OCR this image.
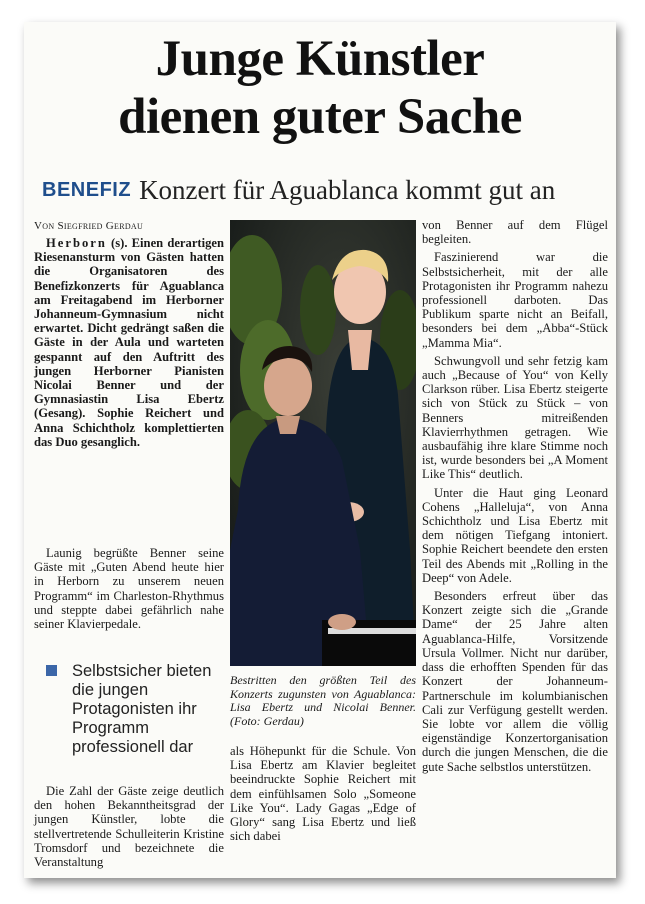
Junge Künstler
dienen guter Sache
BENEFIZ Konzert für Aguablanca kommt gut an
Von Siegfried Gerdau

Herborn (s). Einen derartigen Riesenansturm von Gästen hatten die Organisatoren des Benefizkonzerts für Aguablanca am Freitagabend im Herborner Johanneum-Gymnasium nicht erwartet. Dicht gedrängt saßen die Gäste in der Aula und warteten gespannt auf den Auftritt des jungen Herborner Pianisten Nicolai Benner und der Gymnasiastin Lisa Ebertz (Gesang). Sophie Reichert und Anna Schichtholz komplettierten das Duo gesanglich.

Launig begrüßte Benner seine Gäste mit „Guten Abend heute hier in Herborn zu unserem neuen Programm“ im Charleston-Rhythmus und steppte dabei gefährlich nahe seiner Klavierpedale.

Selbstsicher bieten die jungen Protagonisten ihr Programm professionell dar

Die Zahl der Gäste zeige deutlich den hohen Bekanntheitsgrad der jungen Künstler, lobte die stellvertretende Schulleiterin Kristine Tromsdorf und bezeichnete die Veranstaltung

Bestritten den größten Teil des Konzerts zugunsten von Aguablanca: Lisa Ebertz und Nicolai Benner. (Foto: Gerdau)

als Höhepunkt für die Schule. Von Lisa Ebertz am Klavier begleitet beeindruckte Sophie Reichert mit dem einfühlsamen Solo „Someone Like You“. Lady Gagas „Edge of Glory“ sang Lisa Ebertz und ließ sich dabei

von Benner auf dem Flügel begleiten.

Faszinierend war die Selbstsicherheit, mit der alle Protagonisten ihr Programm nahezu professionell darboten. Das Publikum sparte nicht an Beifall, besonders bei dem „Abba“-Stück „Mamma Mia“.

Schwungvoll und sehr fetzig kam auch „Because of You“ von Kelly Clarkson rüber. Lisa Ebertz steigerte sich von Stück zu Stück – von Benners mitreißenden Klavierrhythmen getragen. Wie ausbaufähig ihre klare Stimme noch ist, wurde besonders bei „A Moment Like This“ deutlich.

Unter die Haut ging Leonard Cohens „Halleluja“, von Anna Schichtholz und Lisa Ebertz mit dem nötigen Tiefgang intoniert. Sophie Reichert beendete den ersten Teil des Abends mit „Rolling in the Deep“ von Adele.

Besonders erfreut über das Konzert zeigte sich die „Grande Dame“ der 25 Jahre alten Aguablanca-Hilfe, Vorsitzende Ursula Vollmer. Nicht nur darüber, dass die erhofften Spenden für das Konzert der Johanneum-Partnerschule im kolumbianischen Cali zur Verfügung gestellt werden. Sie lobte vor allem die völlig eigenständige Konzertorganisation durch die jungen Menschen, die die gute Sache selbstlos unterstützen.
